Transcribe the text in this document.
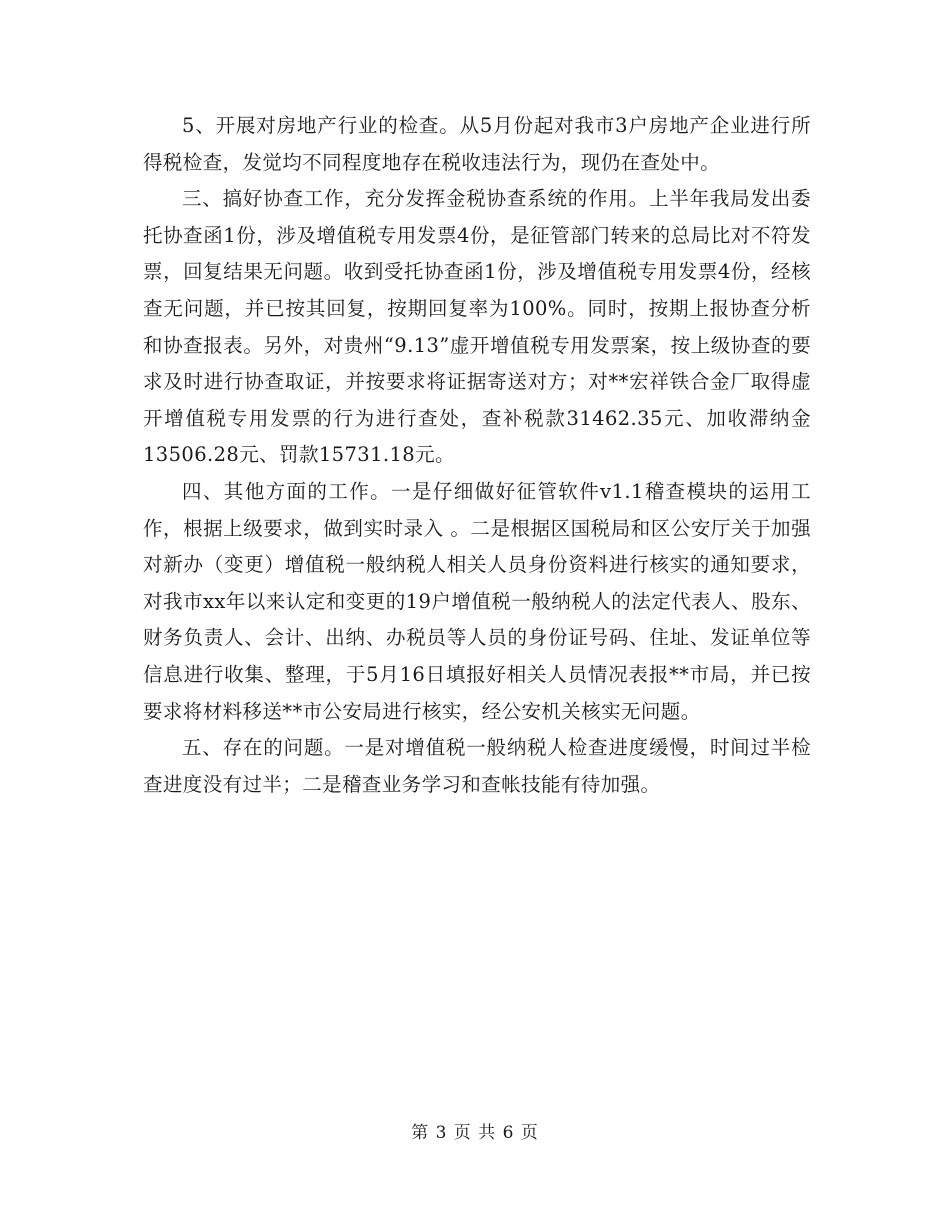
5、开展对房地产行业的检查。从5月份起对我市3户房地产企业进行所得税检查，发觉均不同程度地存在税收违法行为，现仍在查处中。

三、搞好协查工作，充分发挥金税协查系统的作用。上半年我局发出委托协查函1份，涉及增值税专用发票4份，是征管部门转来的总局比对不符发票，回复结果无问题。收到受托协查函1份，涉及增值税专用发票4份，经核查无问题，并已按其回复，按期回复率为100%。同时，按期上报协查分析和协查报表。另外，对贵州“9.13”虚开增值税专用发票案，按上级协查的要求及时进行协查取证，并按要求将证据寄送对方；对**宏祥铁合金厂取得虚开增值税专用发票的行为进行查处，查补税款31462.35元、加收滞纳金13506.28元、罚款15731.18元。

四、其他方面的工作。一是仔细做好征管软件v1.1稽查模块的运用工作，根据上级要求，做到实时录入 。二是根据区国税局和区公安厅关于加强对新办（变更）增值税一般纳税人相关人员身份资料进行核实的通知要求，对我市xx年以来认定和变更的19户增值税一般纳税人的法定代表人、股东、财务负责人、会计、出纳、办税员等人员的身份证号码、住址、发证单位等信息进行收集、整理，于5月16日填报好相关人员情况表报**市局，并已按要求将材料移送**市公安局进行核实，经公安机关核实无问题。

五、存在的问题。一是对增值税一般纳税人检查进度缓慢，时间过半检查进度没有过半；二是稽查业务学习和查帐技能有待加强。

第 3 页 共 6 页
